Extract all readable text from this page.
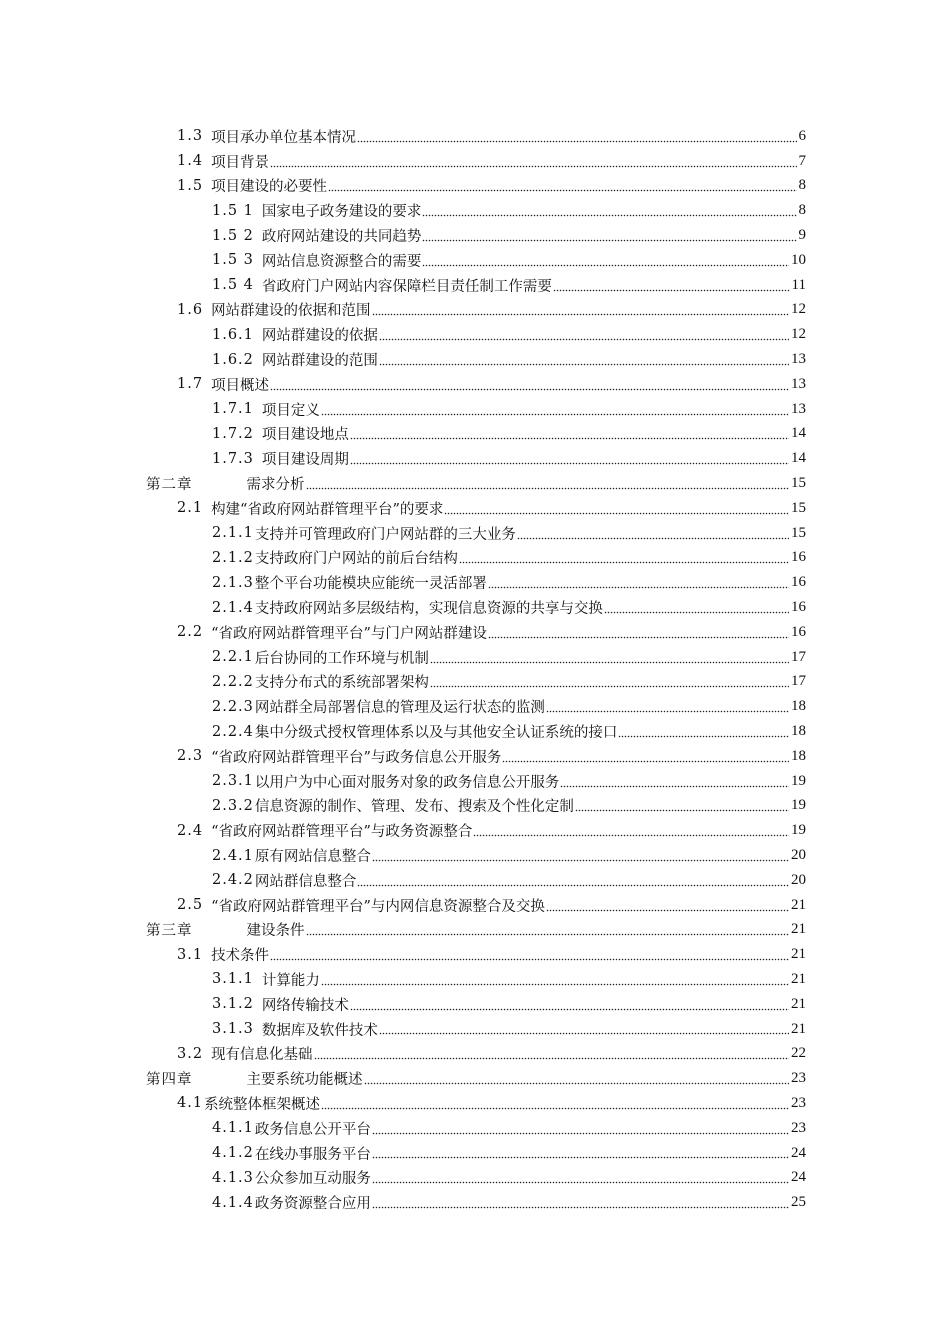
1.3 项目承办单位基本情况	6
1.4 项目背景	7
1.5 项目建设的必要性	8
1.5 1 国家电子政务建设的要求	8
1.5 2 政府网站建设的共同趋势	9
1.5 3 网站信息资源整合的需要	10
1.5 4 省政府门户网站内容保障栏目责任制工作需要	11
1.6 网站群建设的依据和范围	12
1.6.1 网站群建设的依据	12
1.6.2 网站群建设的范围	13
1.7 项目概述	13
1.7.1 项目定义	13
1.7.2 项目建设地点	14
1.7.3 项目建设周期	14
第二章	需求分析	15
2.1 构建“省政府网站群管理平台”的要求	15
2.1.1 支持并可管理政府门户网站群的三大业务	15
2.1.2 支持政府门户网站的前后台结构	16
2.1.3 整个平台功能模块应能统一灵活部署	16
2.1.4 支持政府网站多层级结构，实现信息资源的共享与交换	16
2.2 “省政府网站群管理平台”与门户网站群建设	16
2.2.1 后台协同的工作环境与机制	17
2.2.2 支持分布式的系统部署架构	17
2.2.3 网站群全局部署信息的管理及运行状态的监测	18
2.2.4 集中分级式授权管理体系以及与其他安全认证系统的接口	18
2.3 “省政府网站群管理平台”与政务信息公开服务	18
2.3.1 以用户为中心面对服务对象的政务信息公开服务	19
2.3.2 信息资源的制作、管理、发布、搜索及个性化定制	19
2.4 “省政府网站群管理平台”与政务资源整合	19
2.4.1 原有网站信息整合	20
2.4.2 网站群信息整合	20
2.5 “省政府网站群管理平台”与内网信息资源整合及交换	21
第三章	建设条件	21
3.1 技术条件	21
3.1.1 计算能力	21
3.1.2 网络传输技术	21
3.1.3 数据库及软件技术	21
3.2 现有信息化基础	22
第四章	主要系统功能概述	23
4.1 系统整体框架概述	23
4.1.1 政务信息公开平台	23
4.1.2 在线办事服务平台	24
4.1.3 公众参加互动服务	24
4.1.4 政务资源整合应用	25
